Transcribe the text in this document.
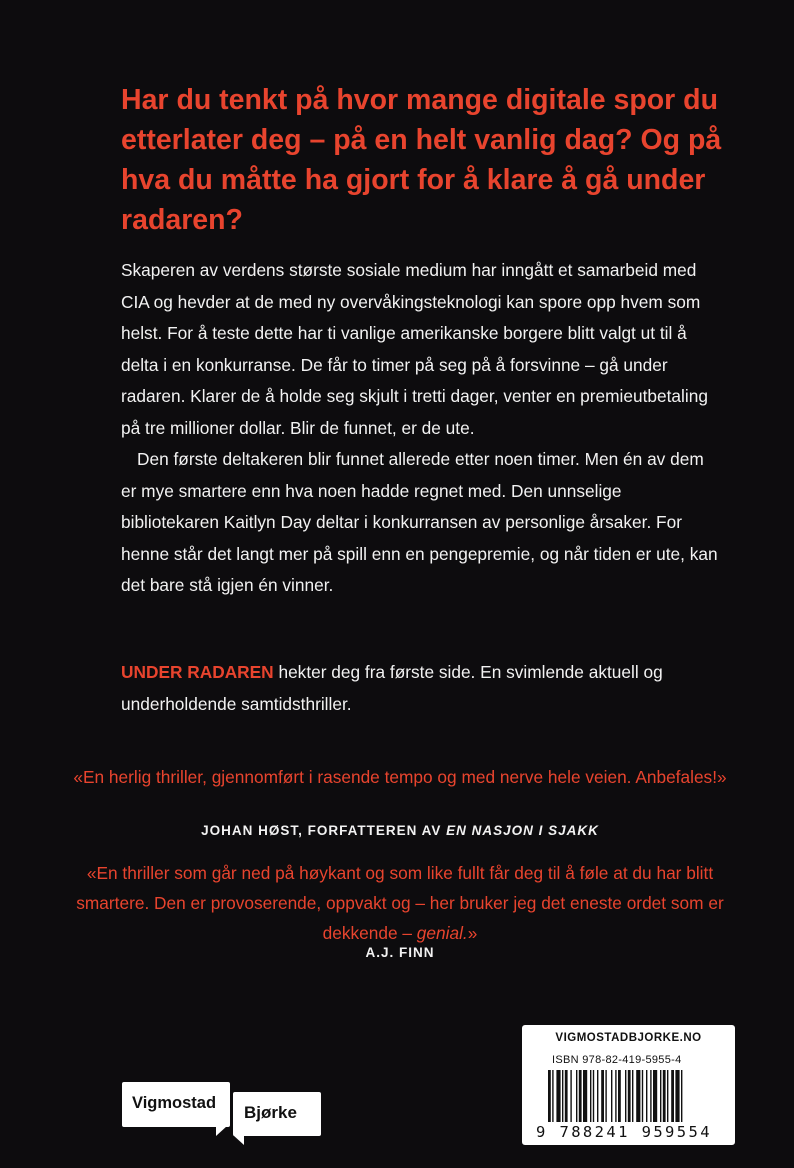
Har du tenkt på hvor mange digitale spor du etterlater deg – på en helt vanlig dag? Og på hva du måtte ha gjort for å klare å gå under radaren?

Skaperen av verdens største sosiale medium har inngått et samarbeid med CIA og hevder at de med ny overvåkingsteknologi kan spore opp hvem som helst. For å teste dette har ti vanlige amerikanske borgere blitt valgt ut til å delta i en konkurranse. De får to timer på seg på å forsvinne – gå under radaren. Klarer de å holde seg skjult i tretti dager, venter en premieutbetaling på tre millioner dollar. Blir de funnet, er de ute.

Den første deltakeren blir funnet allerede etter noen timer. Men én av dem er mye smartere enn hva noen hadde regnet med. Den unnselige bibliotekaren Kaitlyn Day deltar i konkurransen av personlige årsaker. For henne står det langt mer på spill enn en pengepremie, og når tiden er ute, kan det bare stå igjen én vinner.

UNDER RADAREN hekter deg fra første side. En svimlende aktuell og underholdende samtidsthriller.

«En herlig thriller, gjennomført i rasende tempo og med nerve hele veien. Anbefales!»

JOHAN HØST, FORFATTEREN AV EN NASJON I SJAKK

«En thriller som går ned på høykant og som like fullt får deg til å føle at du har blitt smartere. Den er provoserende, oppvakt og – her bruker jeg det eneste ordet som er dekkende – genial.»

A.J. FINN
VIGMOSTADBJORKE.NO
ISBN 978-82-419-5955-4
9 788241 959554
Vigmostad Bjørke
